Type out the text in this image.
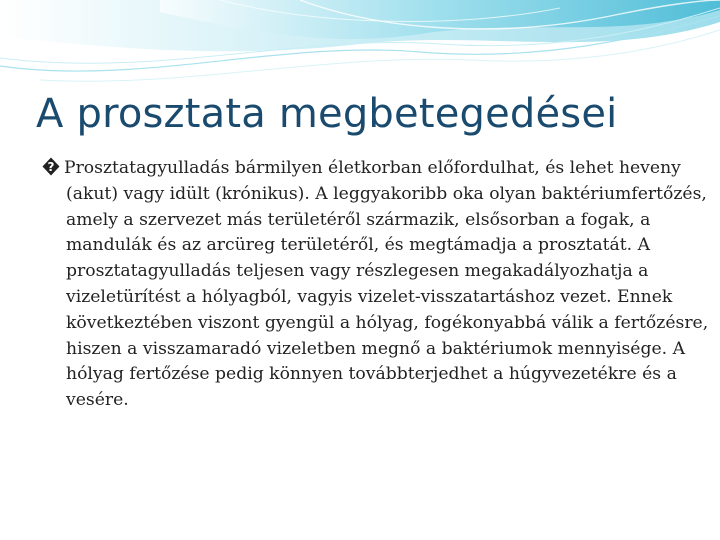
A prosztata megbetegedései

? Prosztatagyulladás bármilyen életkorban előfordulhat, és lehet heveny (akut) vagy idült (krónikus). A leggyakoribb oka olyan baktériumfertőzés, amely a szervezet más területéről származik, elsősorban a fogak, a mandulák és az arcüreg területéről, és megtámadja a prosztatát. A prosztatagyulladás teljesen vagy részlegesen megakadályozhatja a vizeletürítést a hólyagból, vagyis vizelet-visszatartáshoz vezet. Ennek következtében viszont gyengül a hólyag, fogékonyabbá válik a fertőzésre, hiszen a visszamaradó vizeletben megnő a baktériumok mennyisége. A hólyag fertőzése pedig könnyen továbbterjedhet a húgyvezetékre és a vesére.
